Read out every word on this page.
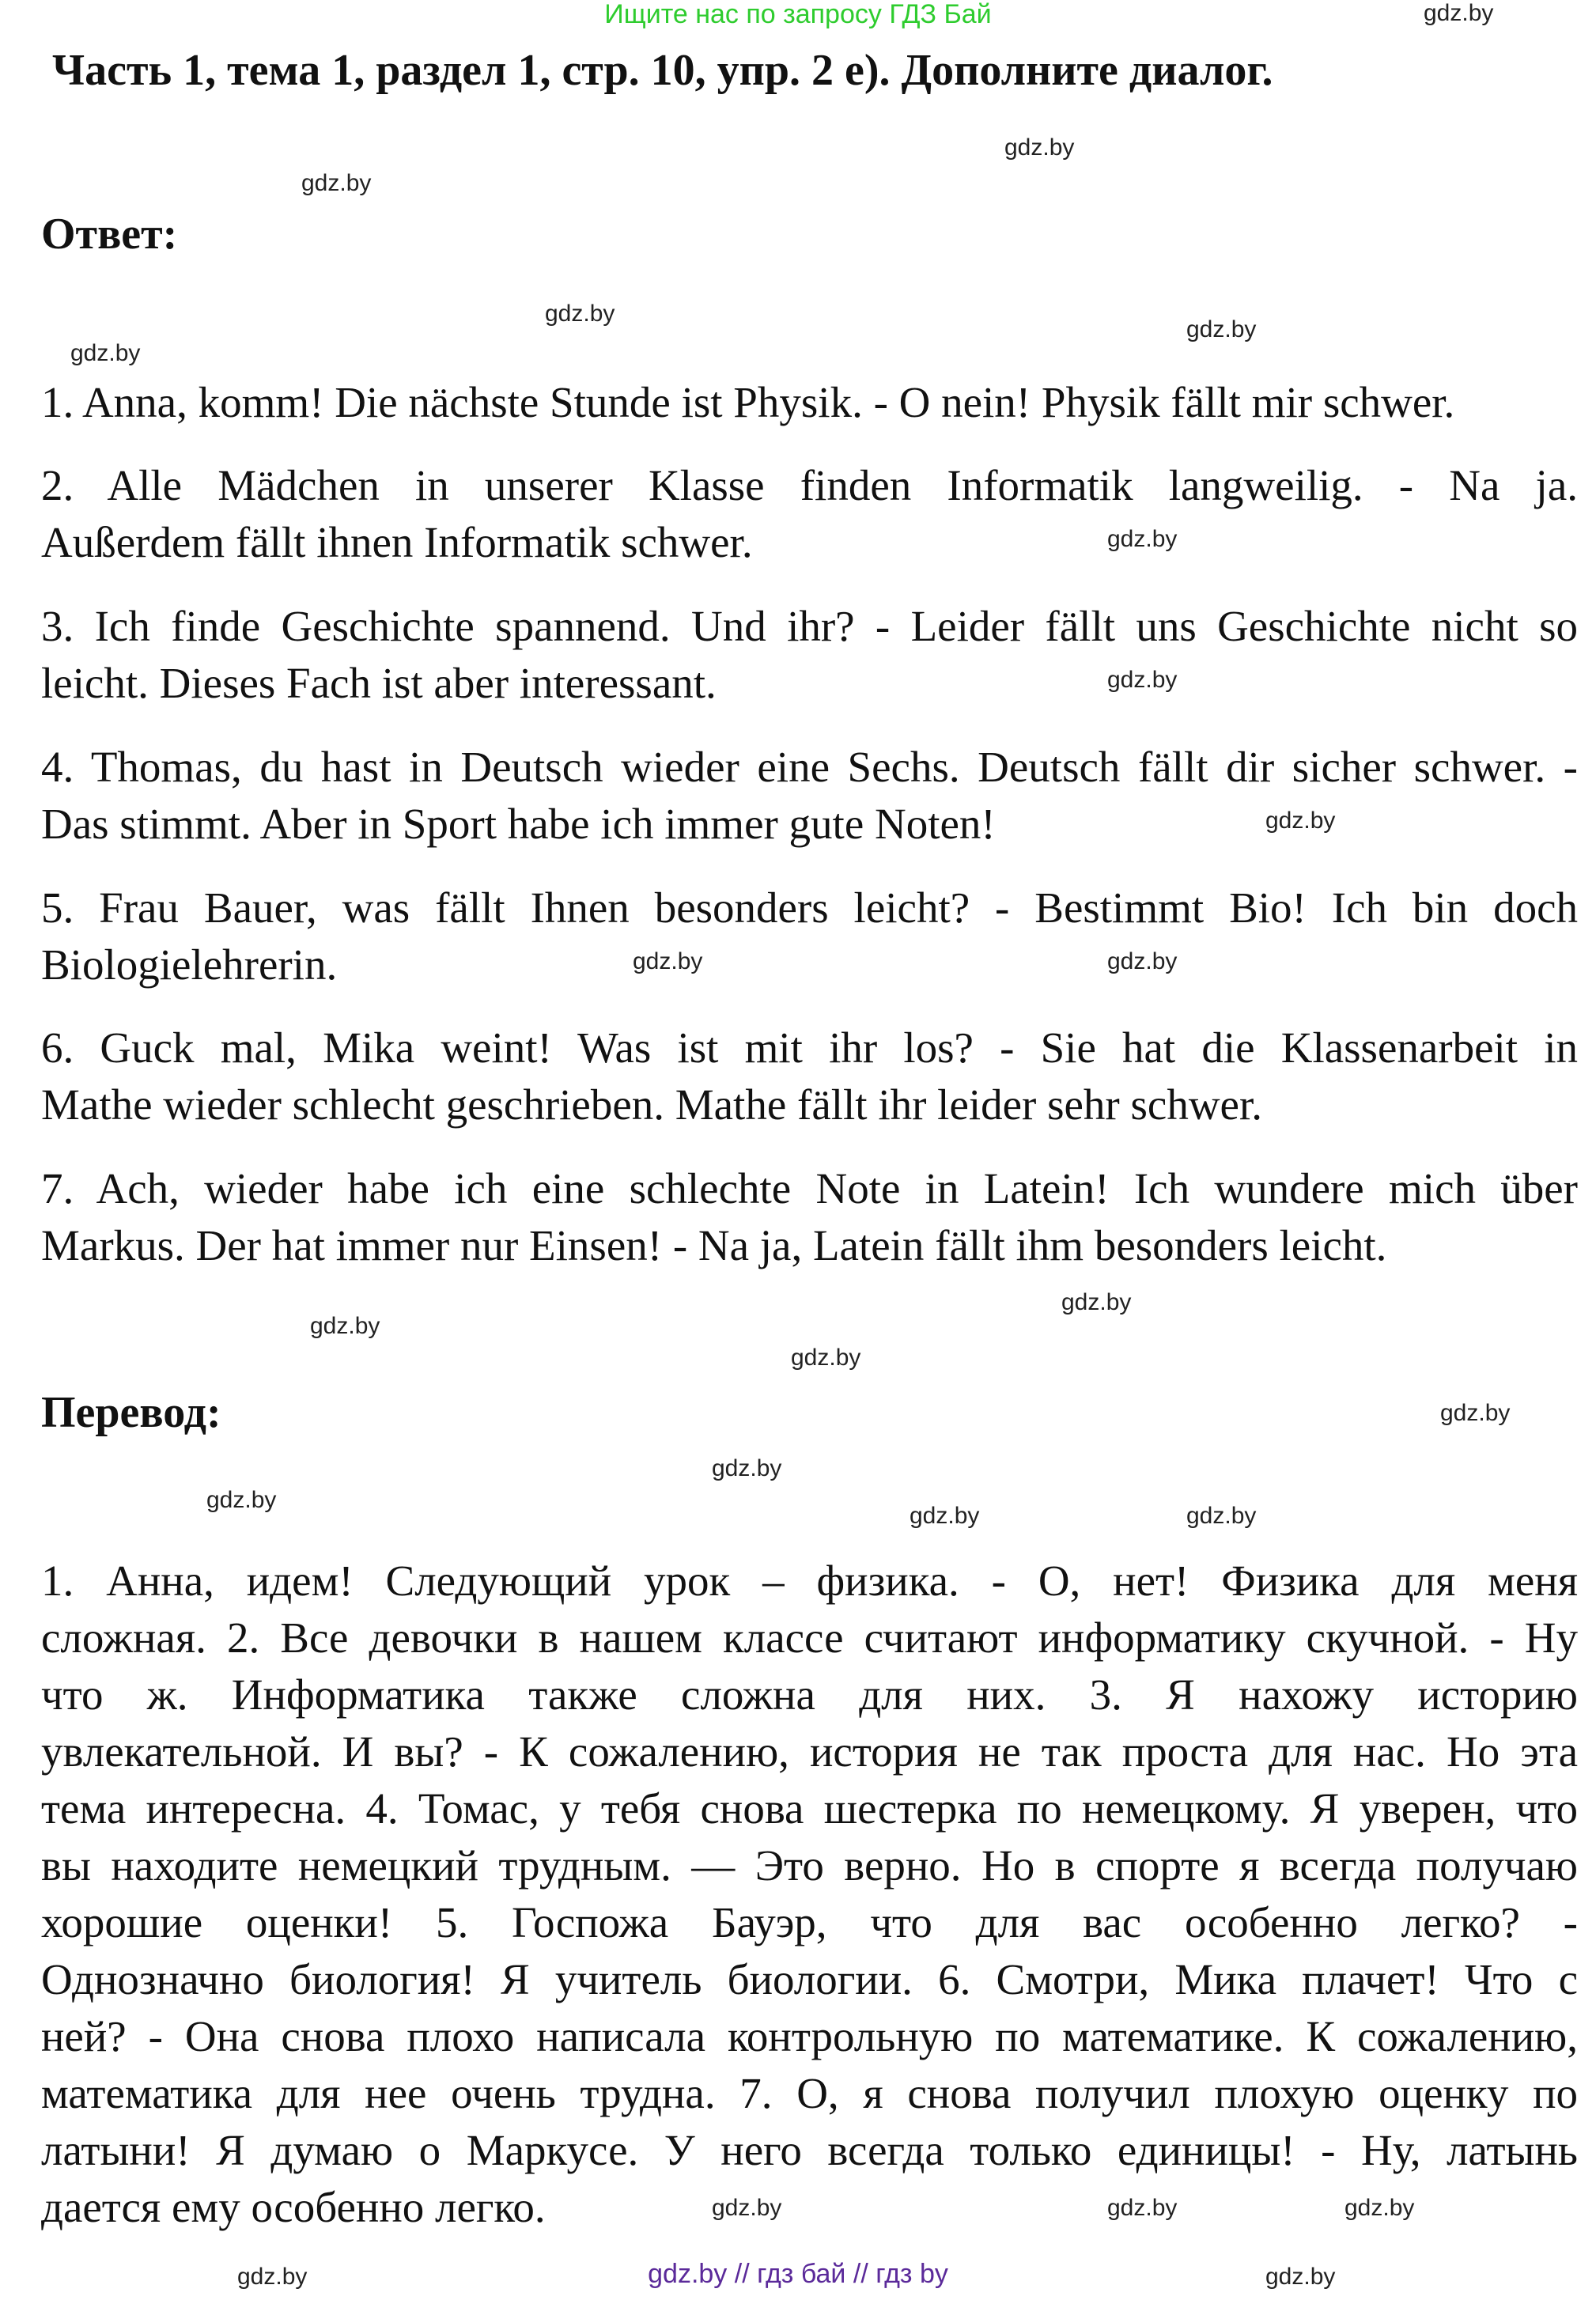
Ищите нас по запросу ГДЗ Бай
Часть 1, тема 1, раздел 1, стр. 10, упр. 2 е). Дополните диалог.
Ответ:
1. Anna, komm! Die nächste Stunde ist Physik. - O nein! Physik fällt mir schwer.
2. Alle Mädchen in unserer Klasse finden Informatik langweilig. - Na ja.
Außerdem fällt ihnen Informatik schwer.
3. Ich finde Geschichte spannend. Und ihr? - Leider fällt uns Geschichte nicht so
leicht. Dieses Fach ist aber interessant.
4. Thomas, du hast in Deutsch wieder eine Sechs. Deutsch fällt dir sicher schwer. -
Das stimmt. Aber in Sport habe ich immer gute Noten!
5. Frau Bauer, was fällt Ihnen besonders leicht? - Bestimmt Bio! Ich bin doch
Biologielehrerin.
6. Guck mal, Mika weint! Was ist mit ihr los? - Sie hat die Klassenarbeit in
Mathe wieder schlecht geschrieben. Mathe fällt ihr leider sehr schwer.
7. Ach, wieder habe ich eine schlechte Note in Latein! Ich wundere mich über
Markus. Der hat immer nur Einsen! - Na ja, Latein fällt ihm besonders leicht.
Перевод:
1. Анна, идем! Следующий урок – физика. - О, нет! Физика для меня
сложная. 2. Все девочки в нашем классе считают информатику скучной. - Ну
что ж. Информатика также сложна для них. 3. Я нахожу историю
увлекательной. И вы? - К сожалению, история не так проста для нас. Но эта
тема интересна. 4. Томас, у тебя снова шестерка по немецкому. Я уверен, что
вы находите немецкий трудным. — Это верно. Но в спорте я всегда получаю
хорошие оценки! 5. Госпожа Бауэр, что для вас особенно легко? -
Однозначно биология! Я учитель биологии. 6. Смотри, Мика плачет! Что с
ней? - Она снова плохо написала контрольную по математике. К сожалению,
математика для нее очень трудна. 7. О, я снова получил плохую оценку по
латыни! Я думаю о Маркусе. У него всегда только единицы! - Ну, латынь
дается ему особенно легко.
gdz.by
gdz.by
gdz.by
gdz.by
gdz.by
gdz.by
gdz.by
gdz.by
gdz.by
gdz.by	gdz.by
gdz.by
gdz.by
gdz.by
gdz.by
gdz.by
gdz.by
gdz.by
gdz.by
gdz.by	gdz.by	gdz.by
gdz.by	gdz.by
gdz.by // гдз бай // гдз by
